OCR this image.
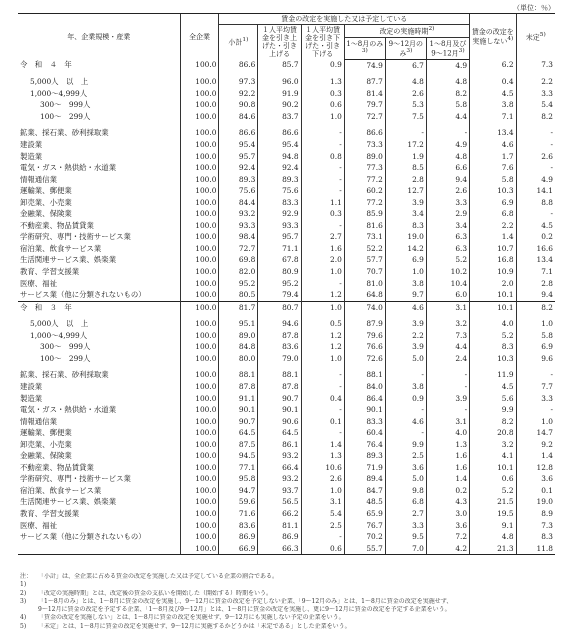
（単位：％）
年、企業規模・産業	全企業	賃金の改定を実施した又は予定している						賃金の改定を実施しない$^{4)}$	未定$^{5)}$
		小計$^{1)}$	１人平均賃金を引き上げた・引き上げる	１人平均賃金を引き下げた・引き下げる	改定の実施時期$^{2)}$
					1～8月のみ$^{3)}$	9～12月のみ$^{3)}$	1～8月及び9～12月$^{3)}$
令　和　４　年	100.0	86.6	85.7	0.9	74.9	6.7	4.9	6.2	7.3

5,000人　以　上	100.0	97.3	96.0	1.3	87.7	4.8	4.8	0.4	2.2
1,000～4,999人	100.0	92.2	91.9	0.3	81.4	2.6	8.2	4.5	3.3
300～　999人	100.0	90.8	90.2	0.6	79.7	5.3	5.8	3.8	5.4
100～　299人	100.0	84.6	83.7	1.0	72.7	7.5	4.4	7.1	8.2

鉱業、採石業、砂利採取業	100.0	86.6	86.6	-	86.6	-	-	13.4	-
建設業	100.0	95.4	95.4	-	73.3	17.2	4.9	4.6	-
製造業	100.0	95.7	94.8	0.8	89.0	1.9	4.8	1.7	2.6
電気・ガス・熱供給・水道業	100.0	92.4	92.4	-	77.3	8.5	6.6	7.6	-
情報通信業	100.0	89.3	89.3	-	77.2	2.8	9.4	5.8	4.9
運輸業、郵便業	100.0	75.6	75.6	-	60.2	12.7	2.6	10.3	14.1
卸売業、小売業	100.0	84.4	83.3	1.1	77.2	3.9	3.3	6.9	8.8
金融業、保険業	100.0	93.2	92.9	0.3	85.9	3.4	2.9	6.8	-
不動産業、物品賃貸業	100.0	93.3	93.3	-	81.6	8.3	3.4	2.2	4.5
学術研究、専門・技術サービス業	100.0	98.4	95.7	2.7	73.1	19.0	6.3	1.4	0.2
宿泊業、飲食サービス業	100.0	72.7	71.1	1.6	52.2	14.2	6.3	10.7	16.6
生活関連サービス業、娯楽業	100.0	69.8	67.8	2.0	57.7	6.9	5.2	16.8	13.4
教育、学習支援業	100.0	82.0	80.9	1.0	70.7	1.0	10.2	10.9	7.1
医療、福祉	100.0	95.2	95.2	-	81.0	3.8	10.4	2.0	2.8
サービス業（他に分類されないもの）	100.0	80.5	79.4	1.2	64.8	9.7	6.0	10.1	9.4
令　和　３　年	100.0	81.7	80.7	1.0	74.0	4.6	3.1	10.1	8.2

5,000人　以　上	100.0	95.1	94.6	0.5	87.9	3.9	3.2	4.0	1.0
1,000～4,999人	100.0	89.0	87.8	1.2	79.6	2.2	7.3	5.2	5.8
300～　999人	100.0	84.8	83.6	1.2	76.6	3.9	4.4	8.3	6.9
100～　299人	100.0	80.0	79.0	1.0	72.6	5.0	2.4	10.3	9.6

鉱業、採石業、砂利採取業	100.0	88.1	88.1	-	88.1	-	-	11.9	-
建設業	100.0	87.8	87.8	-	84.0	3.8	-	4.5	7.7
製造業	100.0	91.1	90.7	0.4	86.4	0.9	3.9	5.6	3.3
電気・ガス・熱供給・水道業	100.0	90.1	90.1	-	90.1	-	-	9.9	-
情報通信業	100.0	90.7	90.6	0.1	83.3	4.6	3.1	8.2	1.0
運輸業、郵便業	100.0	64.5	64.5	-	60.4	-	4.0	20.8	14.7
卸売業、小売業	100.0	87.5	86.1	1.4	76.4	9.9	1.3	3.2	9.2
金融業、保険業	100.0	94.5	93.2	1.3	89.3	2.5	1.6	4.1	1.4
不動産業、物品賃貸業	100.0	77.1	66.4	10.6	71.9	3.6	1.6	10.1	12.8
学術研究、専門・技術サービス業	100.0	95.8	93.2	2.6	89.4	5.0	1.4	0.6	3.6
宿泊業、飲食サービス業	100.0	94.7	93.7	1.0	84.7	9.8	0.2	5.2	0.1
生活関連サービス業、娯楽業	100.0	59.6	56.5	3.1	48.5	6.8	4.3	21.5	19.0
教育、学習支援業	100.0	71.6	66.2	5.4	65.9	2.7	3.0	19.5	8.9
医療、福祉	100.0	83.6	81.1	2.5	76.7	3.3	3.6	9.1	7.3
サービス業（他に分類されないもの）	100.0	86.9	86.9	-	70.2	9.5	7.2	4.8	8.3
	100.0	66.9	66.3	0.6	55.7	7.0	4.2	21.3	11.8
注：1)
「小計」は、全企業に占める賃金の改定を実施した又は予定している企業の割合である。
2)	「改定の実施時期」とは、改定後の賃金の支払いを開始した（開始する）時期をいう。
3)	「1～8月のみ」とは、1～8月に賃金の改定を実施し、9～12月に賃金の改定を予定しない企業、「9～12月のみ」とは、1～8月に賃金の改定を実施せず、
9～12月に賃金の改定を予定する企業、「1～8月及び9～12月」とは、1～8月に賃金の改定を実施し、更に9～12月に賃金の改定を予定する企業をいう。
4)	「賃金の改定を実施しない」とは、1～8月に賃金の改定を実施せず、9～12月にも実施しない予定の企業をいう。
5)	「未定」とは、1～8月に賃金の改定を実施せず、9～12月に実施するかどうかは「未定である」とした企業をいう。
